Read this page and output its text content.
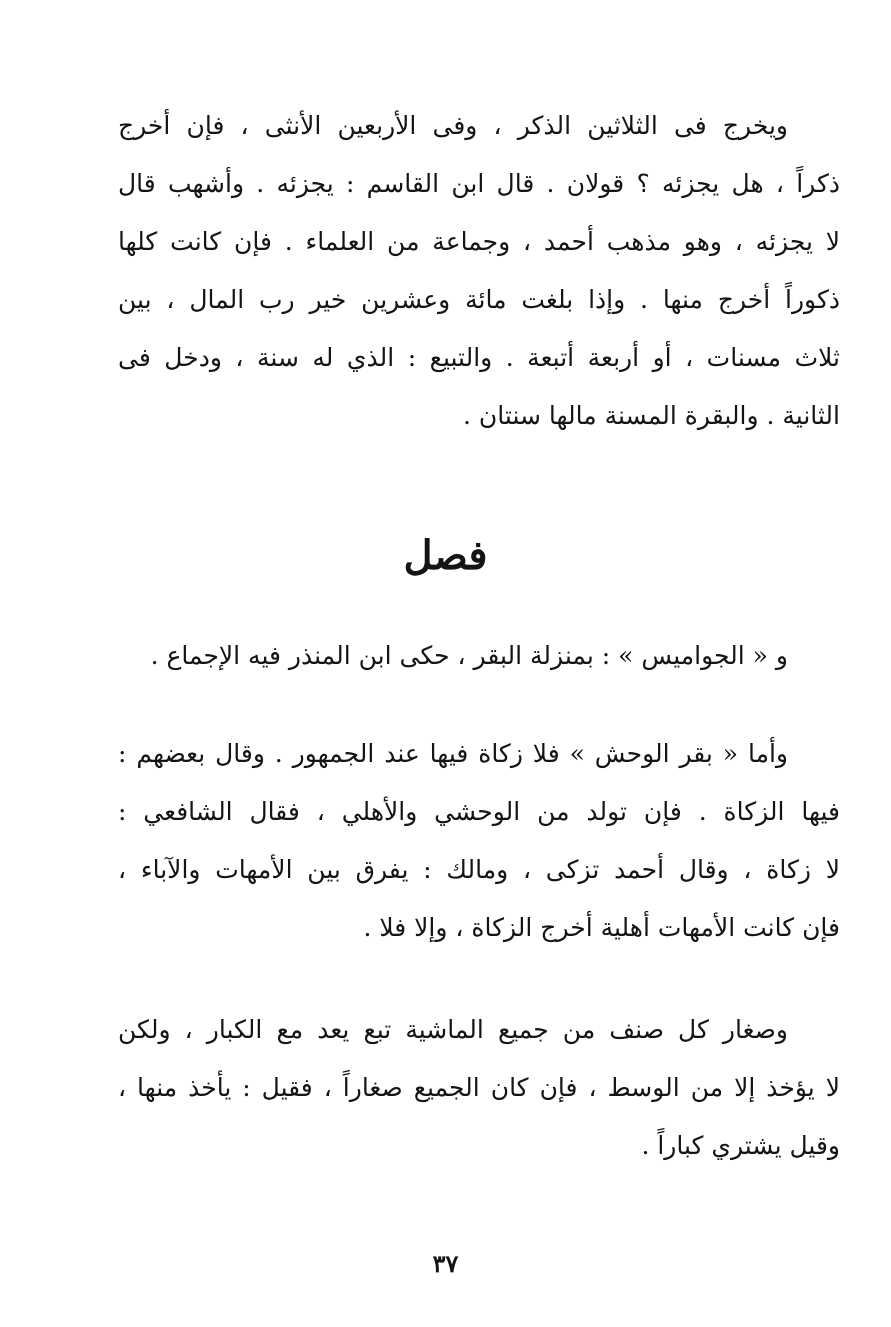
ويخرج فى الثلاثين الذكر ، وفى الأربعين الأنثى ، فإن أخرج
ذكراً ، هل يجزئه ؟ قولان . قال ابن القاسم : يجزئه . وأشهب قال
لا يجزئه ، وهو مذهب أحمد ، وجماعة من العلماء . فإن كانت كلها
ذكوراً أخرج منها . وإذا بلغت مائة وعشرين خير رب المال ، بين
ثلاث مسنات ، أو أربعة أتبعة . والتبيع : الذي له سنة ، ودخل فى
الثانية . والبقرة المسنة مالها سنتان .
فصل
و « الجواميس » : بمنزلة البقر ، حكى ابن المنذر فيه الإجماع .
وأما « بقر الوحش » فلا زكاة فيها عند الجمهور . وقال بعضهم :
فيها الزكاة . فإن تولد من الوحشي والأهلي ، فقال الشافعي :
لا زكاة ، وقال أحمد تزكى ، ومالك : يفرق بين الأمهات والآباء ،
فإن كانت الأمهات أهلية أخرج الزكاة ، وإلا فلا .
وصغار كل صنف من جميع الماشية تبع يعد مع الكبار ، ولكن
لا يؤخذ إلا من الوسط ، فإن كان الجميع صغاراً ، فقيل : يأخذ منها ،
وقيل يشتري كباراً .
٣٧
